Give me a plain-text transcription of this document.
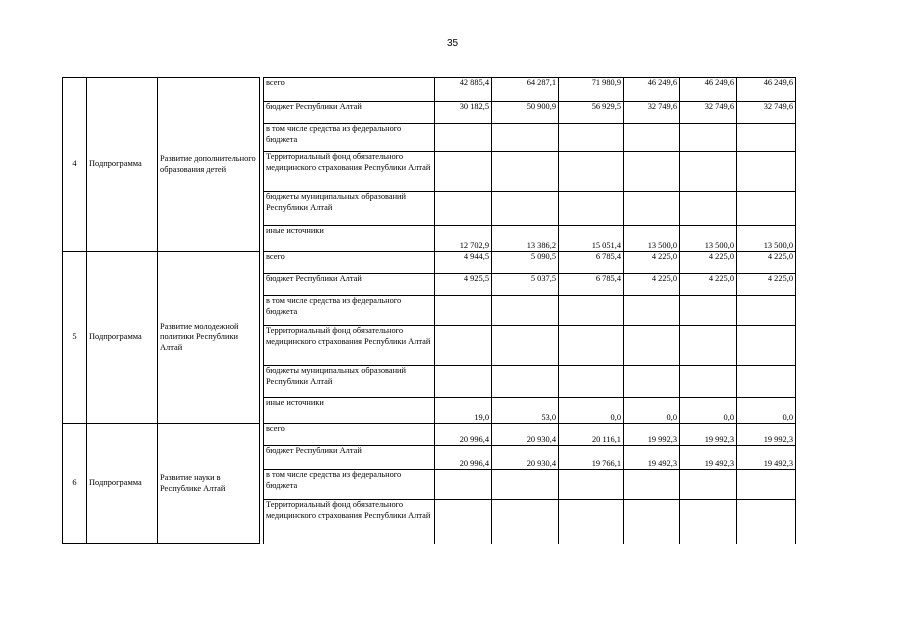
35
4	Подпрограмма	Развитие дополнительного образования детей		всего	42 885,4	64 287,1	71 980,9	46 249,6	46 249,6	46 249,6
				бюджет Республики Алтай	30 182,5	50 900,9	56 929,5	32 749,6	32 749,6	32 749,6
				в том числе средства из федерального бюджета						
				Территориальный фонд обязательного медицинского страхования Республики Алтай						
				бюджеты муниципальных образований Республики Алтай						
				иные источники	12 702,9	13 386,2	15 051,4	13 500,0	13 500,0	13 500,0
5	Подпрограмма	Развитие молодежной политики Республики Алтай		всего	4 944,5	5 090,5	6 785,4	4 225,0	4 225,0	4 225,0
				бюджет Республики Алтай	4 925,5	5 037,5	6 785,4	4 225,0	4 225,0	4 225,0
				в том числе средства из федерального бюджета						
				Территориальный фонд обязательного медицинского страхования Республики Алтай						
				бюджеты муниципальных образований Республики Алтай						
				иные источники	19,0	53,0	0,0	0,0	0,0	0,0
6	Подпрограмма	Развитие науки в Республике Алтай		всего	20 996,4	20 930,4	20 116,1	19 992,3	19 992,3	19 992,3
				бюджет Республики Алтай	20 996,4	20 930,4	19 766,1	19 492,3	19 492,3	19 492,3
				в том числе средства из федерального бюджета						
				Территориальный фонд обязательного медицинского страхования Республики Алтай						
